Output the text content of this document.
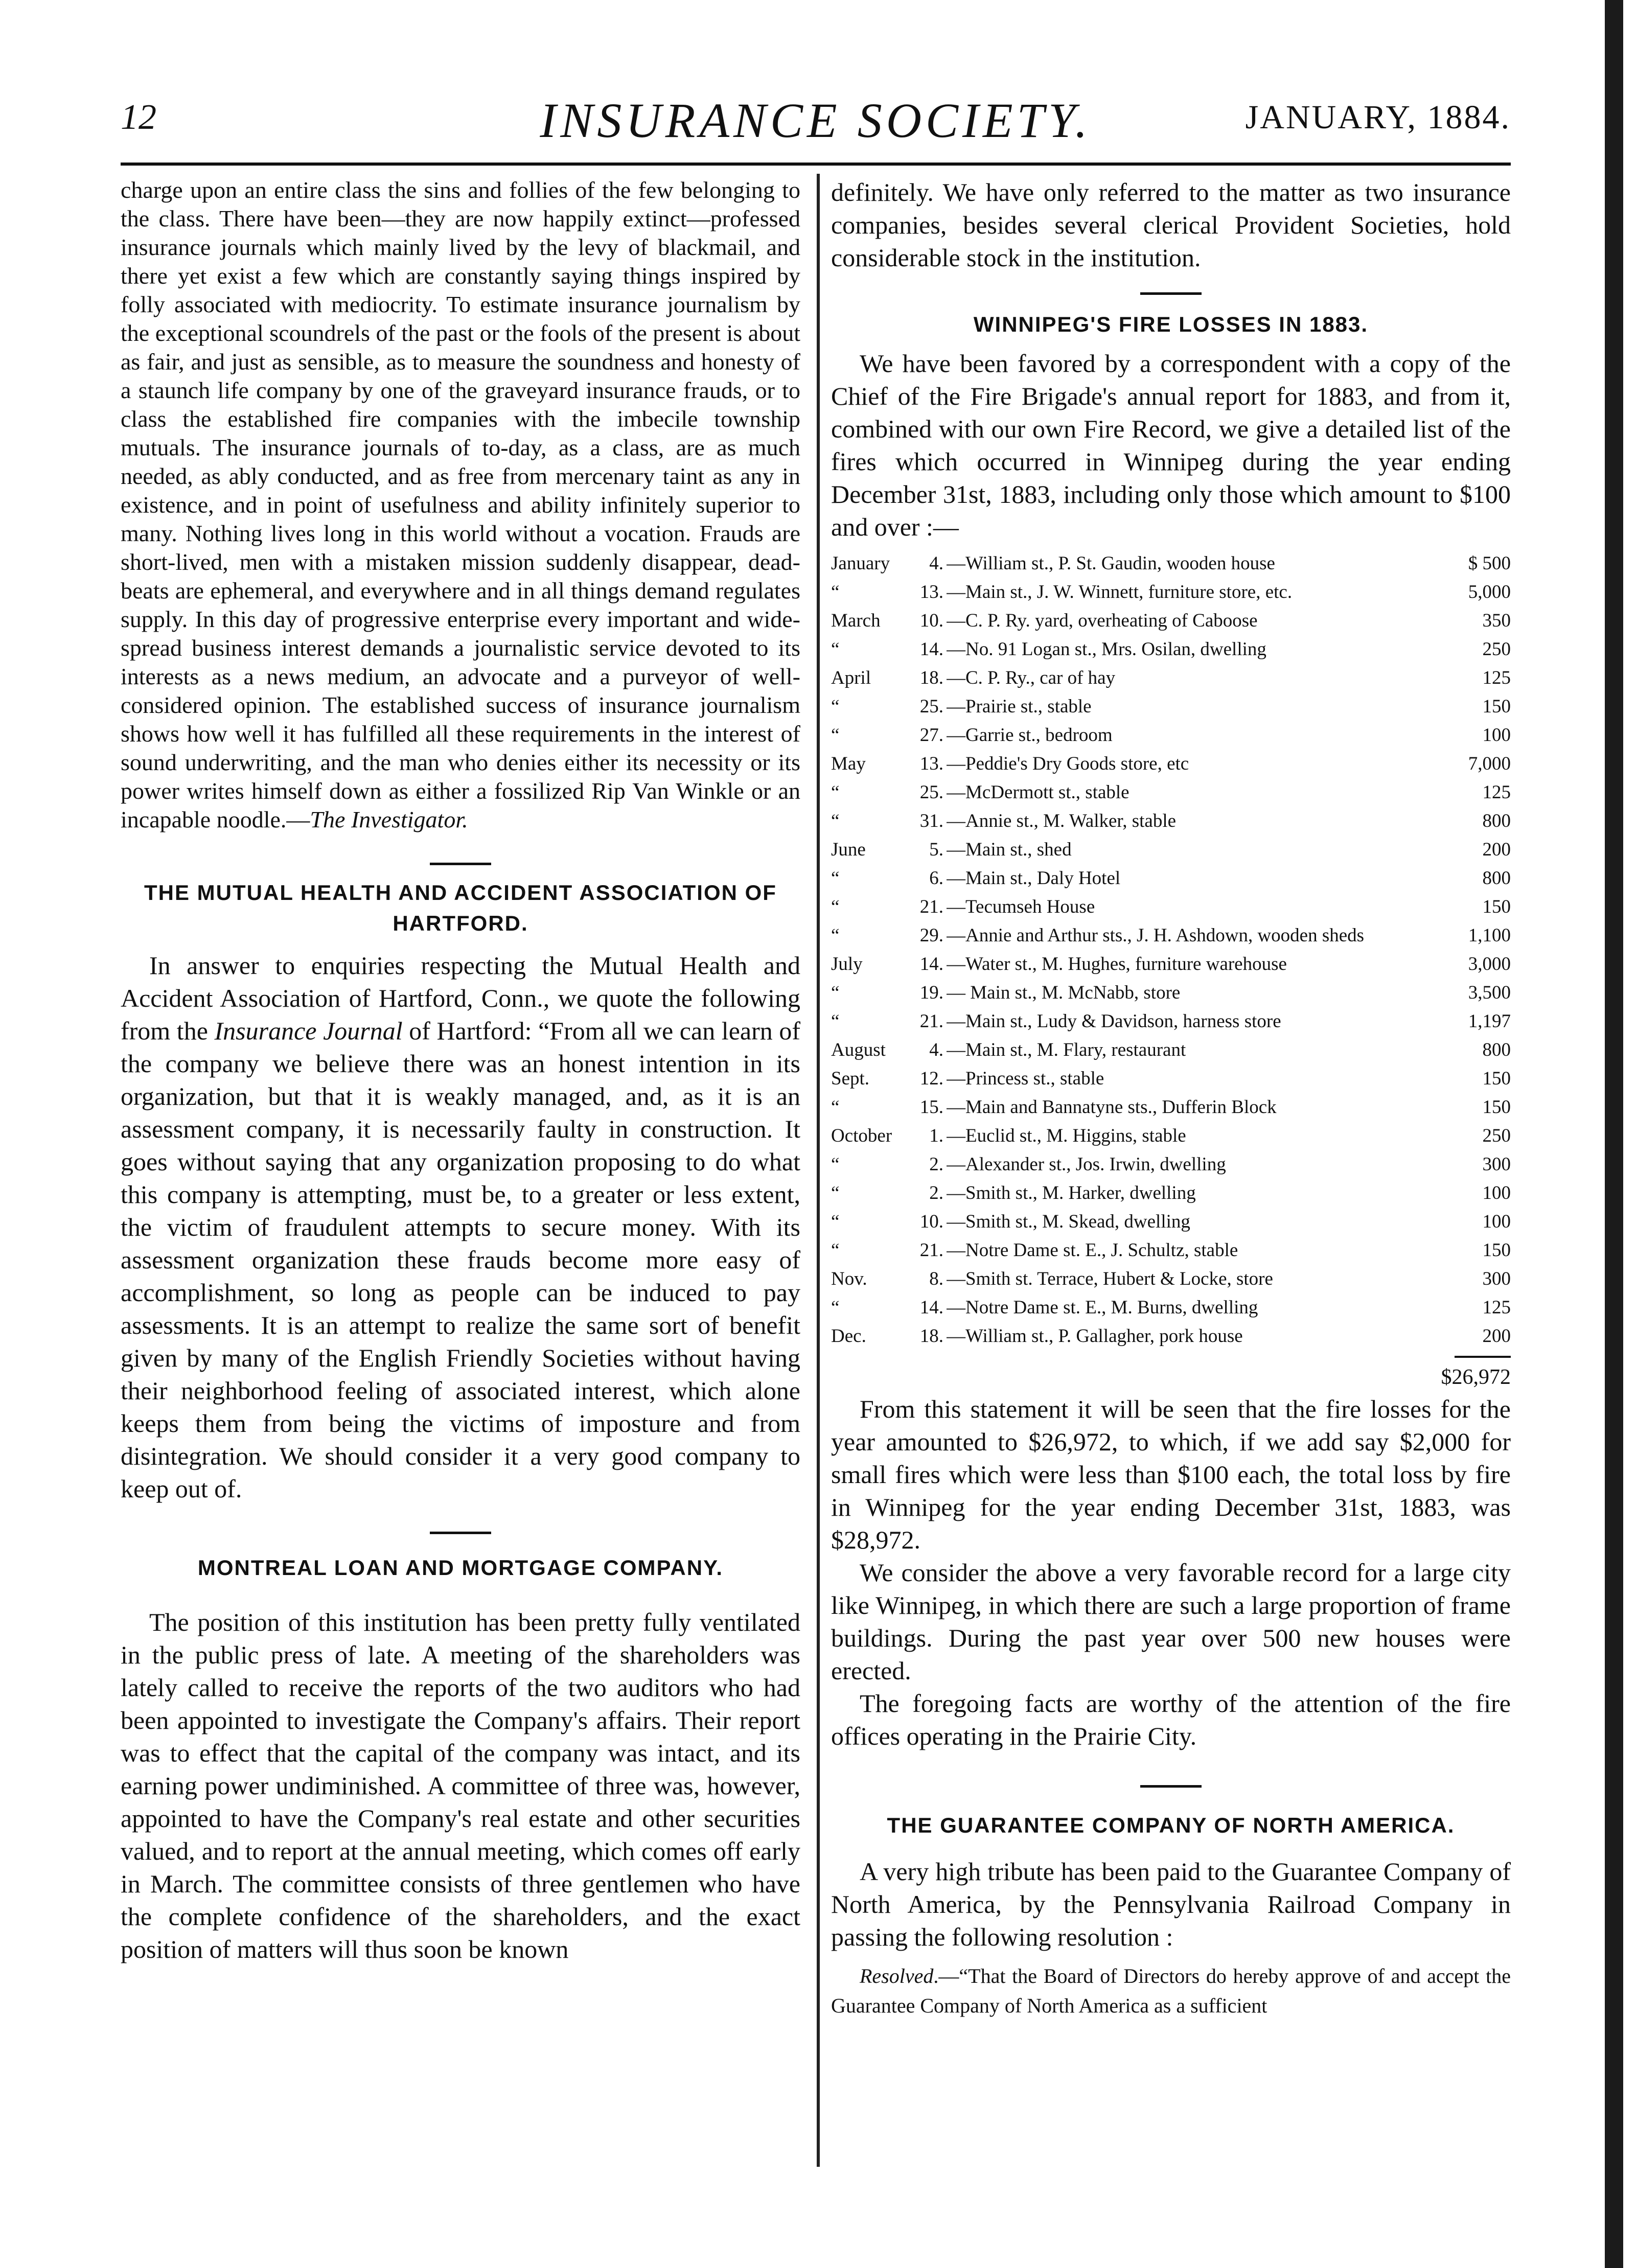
12	INSURANCE SOCIETY.	JANUARY, 1884.

charge upon an entire class the sins and follies of the few belonging to the class. There have been—they are now happily extinct—professed insurance journals which mainly lived by the levy of blackmail, and there yet exist a few which are constantly saying things inspired by folly associated with mediocrity. To estimate insurance journalism by the exceptional scoundrels of the past or the fools of the present is about as fair, and just as sensible, as to measure the soundness and honesty of a staunch life company by one of the graveyard insurance frauds, or to class the established fire companies with the imbecile township mutuals. The insurance journals of to-day, as a class, are as much needed, as ably conducted, and as free from mercenary taint as any in existence, and in point of usefulness and ability infinitely superior to many. Nothing lives long in this world without a vocation. Frauds are short-lived, men with a mistaken mission suddenly disappear, dead-beats are ephemeral, and everywhere and in all things demand regulates supply. In this day of progressive enterprise every important and wide-spread business interest demands a journalistic service devoted to its interests as a news medium, an advocate and a purveyor of well-considered opinion. The established success of insurance journalism shows how well it has fulfilled all these requirements in the interest of sound underwriting, and the man who denies either its necessity or its power writes himself down as either a fossilized Rip Van Winkle or an incapable noodle.—The Investigator.

THE MUTUAL HEALTH AND ACCIDENT ASSOCIATION OF HARTFORD.

In answer to enquiries respecting the Mutual Health and Accident Association of Hartford, Conn., we quote the following from the Insurance Journal of Hartford: “From all we can learn of the company we believe there was an honest intention in its organization, but that it is weakly managed, and, as it is an assessment company, it is necessarily faulty in construction. It goes without saying that any organization proposing to do what this company is attempting, must be, to a greater or less extent, the victim of fraudulent attempts to secure money. With its assessment organization these frauds become more easy of accomplishment, so long as people can be induced to pay assessments. It is an attempt to realize the same sort of benefit given by many of the English Friendly Societies without having their neighborhood feeling of associated interest, which alone keeps them from being the victims of imposture and from disintegration. We should consider it a very good company to keep out of.

MONTREAL LOAN AND MORTGAGE COMPANY.

The position of this institution has been pretty fully ventilated in the public press of late. A meeting of the shareholders was lately called to receive the reports of the two auditors who had been appointed to investigate the Company's affairs. Their report was to effect that the capital of the company was intact, and its earning power undiminished. A committee of three was, however, appointed to have the Company's real estate and other securities valued, and to report at the annual meeting, which comes off early in March. The committee consists of three gentlemen who have the complete confidence of the shareholders, and the exact position of matters will thus soon be known

definitely. We have only referred to the matter as two insurance companies, besides several clerical Provident Societies, hold considerable stock in the institution.

WINNIPEG'S FIRE LOSSES IN 1883.

We have been favored by a correspondent with a copy of the Chief of the Fire Brigade's annual report for 1883, and from it, combined with our own Fire Record, we give a detailed list of the fires which occurred in Winnipeg during the year ending December 31st, 1883, including only those which amount to $100 and over :—

January	4.	—William st., P. St. Gaudin, wooden house	$ 500
“	13.	—Main st., J. W. Winnett, furniture store, etc.	5,000
March	10.	—C. P. Ry. yard, overheating of Caboose	350
“	14.	—No. 91 Logan st., Mrs. Osilan, dwelling	250
April	18.	—C. P. Ry., car of hay	125
“	25.	—Prairie st., stable	150
“	27.	—Garrie st., bedroom	100
May	13.	—Peddie's Dry Goods store, etc	7,000
“	25.	—McDermott st., stable	125
“	31.	—Annie st., M. Walker, stable	800
June	5.	—Main st., shed	200
“	6.	—Main st., Daly Hotel	800
“	21.	—Tecumseh House	150
“	29.	—Annie and Arthur sts., J. H. Ashdown, wooden sheds	1,100
July	14.	—Water st., M. Hughes, furniture warehouse	3,000
“	19.	— Main st., M. McNabb, store	3,500
“	21.	—Main st., Ludy & Davidson, harness store	1,197
August	4.	—Main st., M. Flary, restaurant	800
Sept.	12.	—Princess st., stable	150
“	15.	—Main and Bannatyne sts., Dufferin Block	150
October	1.	—Euclid st., M. Higgins, stable	250
“	2.	—Alexander st., Jos. Irwin, dwelling	300
“	2.	—Smith st., M. Harker, dwelling	100
“	10.	—Smith st., M. Skead, dwelling	100
“	21.	—Notre Dame st. E., J. Schultz, stable	150
Nov.	8.	—Smith st. Terrace, Hubert & Locke, store	300
“	14.	—Notre Dame st. E., M. Burns, dwelling	125
Dec.	18.	—William st., P. Gallagher, pork house	200
$26,972

From this statement it will be seen that the fire losses for the year amounted to $26,972, to which, if we add say $2,000 for small fires which were less than $100 each, the total loss by fire in Winnipeg for the year ending December 31st, 1883, was $28,972.

We consider the above a very favorable record for a large city like Winnipeg, in which there are such a large proportion of frame buildings. During the past year over 500 new houses were erected.

The foregoing facts are worthy of the attention of the fire offices operating in the Prairie City.

THE GUARANTEE COMPANY OF NORTH AMERICA.

A very high tribute has been paid to the Guarantee Company of North America, by the Pennsylvania Railroad Company in passing the following resolution :

Resolved.—“That the Board of Directors do hereby approve of and accept the Guarantee Company of North America as a sufficient
